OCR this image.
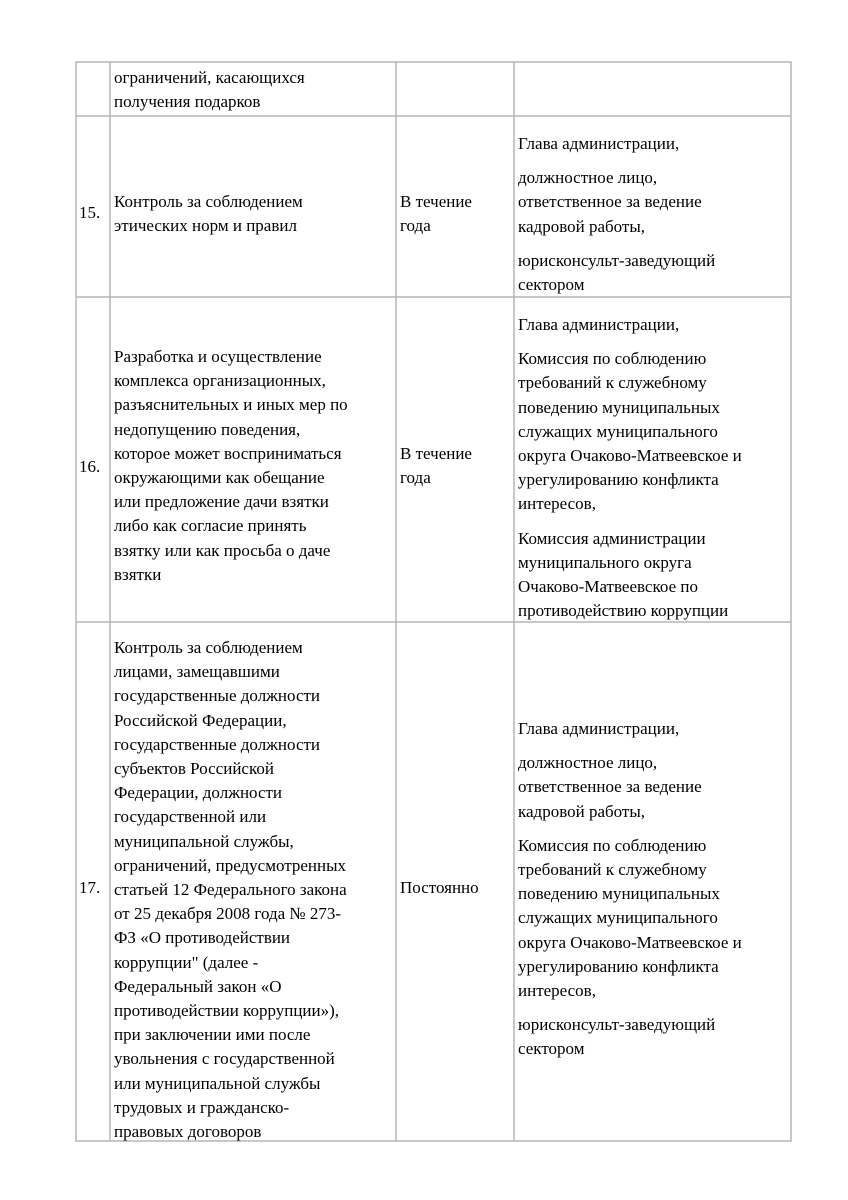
ограничений, касающихся
получения подарков
15.
Контроль за соблюдением
этических норм и правил
В течение
года
Глава администрации,
должностное лицо,
ответственное за ведение
кадровой работы,
юрисконсульт-заведующий
сектором
16.
Разработка и осуществление
комплекса организационных,
разъяснительных и иных мер по
недопущению поведения,
которое может восприниматься
окружающими как обещание
или предложение дачи взятки
либо как согласие принять
взятку или как просьба о даче
взятки
В течение
года
Глава администрации,
Комиссия по соблюдению
требований к служебному
поведению муниципальных
служащих муниципального
округа Очаково-Матвеевское и
урегулированию конфликта
интересов,
Комиссия администрации
муниципального округа
Очаково-Матвеевское по
противодействию коррупции
17.
Контроль за соблюдением
лицами, замещавшими
государственные должности
Российской Федерации,
государственные должности
субъектов Российской
Федерации, должности
государственной или
муниципальной службы,
ограничений, предусмотренных
статьей 12 Федерального закона
от 25 декабря 2008 года № 273-
ФЗ «О противодействии
коррупции" (далее -
Федеральный закон «О
противодействии коррупции»),
при заключении ими после
увольнения с государственной
или муниципальной службы
трудовых и гражданско-
правовых договоров
Постоянно
Глава администрации,
должностное лицо,
ответственное за ведение
кадровой работы,
Комиссия по соблюдению
требований к служебному
поведению муниципальных
служащих муниципального
округа Очаково-Матвеевское и
урегулированию конфликта
интересов,
юрисконсульт-заведующий
сектором
